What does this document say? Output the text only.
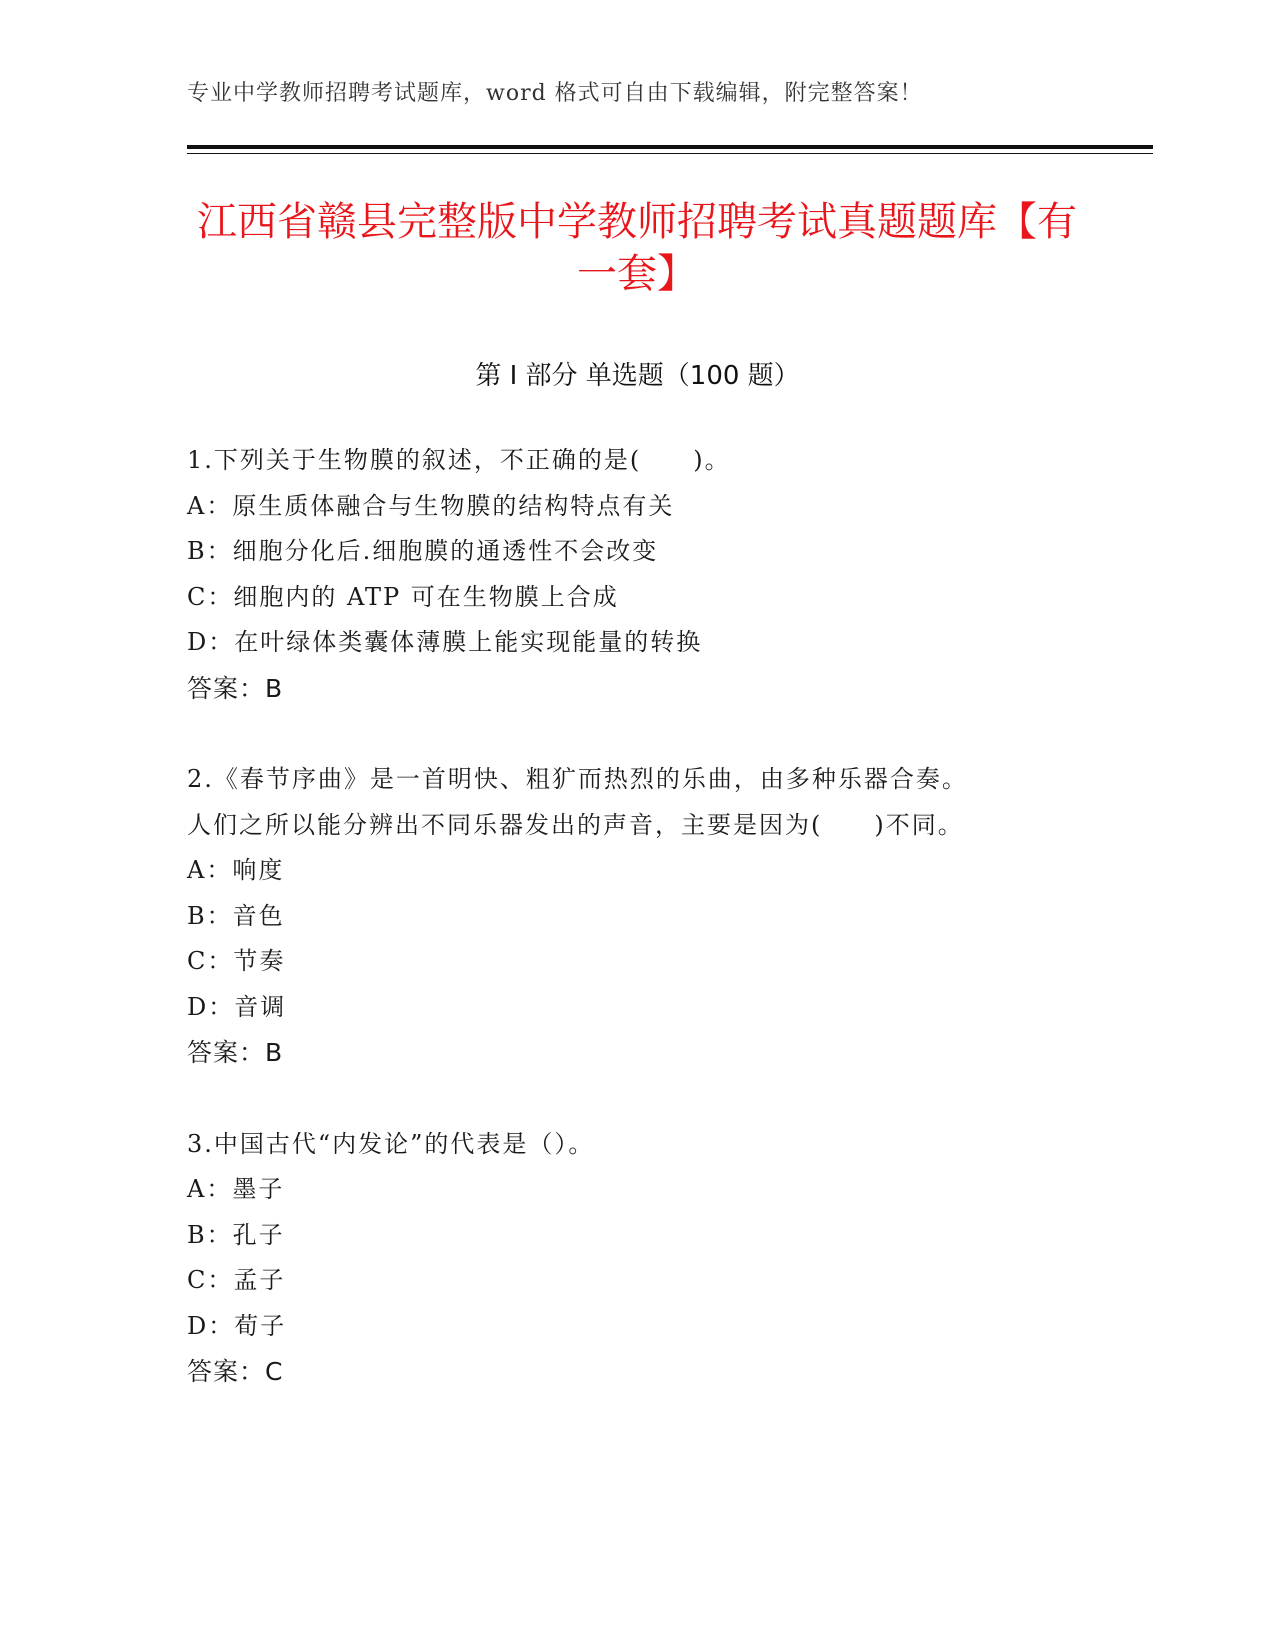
专业中学教师招聘考试题库，word 格式可自由下载编辑，附完整答案！
江西省赣县完整版中学教师招聘考试真题题库【有一套】
第 I 部分 单选题（100 题）
1.下列关于生物膜的叙述，不正确的是(　　)。
A：原生质体融合与生物膜的结构特点有关
B：细胞分化后.细胞膜的通透性不会改变
C：细胞内的 ATP 可在生物膜上合成
D：在叶绿体类囊体薄膜上能实现能量的转换
答案：B
2.《春节序曲》是一首明快、粗犷而热烈的乐曲，由多种乐器合奏。
人们之所以能分辨出不同乐器发出的声音，主要是因为(　　)不同。
A：响度
B：音色
C：节奏
D：音调
答案：B
3.中国古代“内发论”的代表是（）。
A：墨子
B：孔子
C：孟子
D：荀子
答案：C
